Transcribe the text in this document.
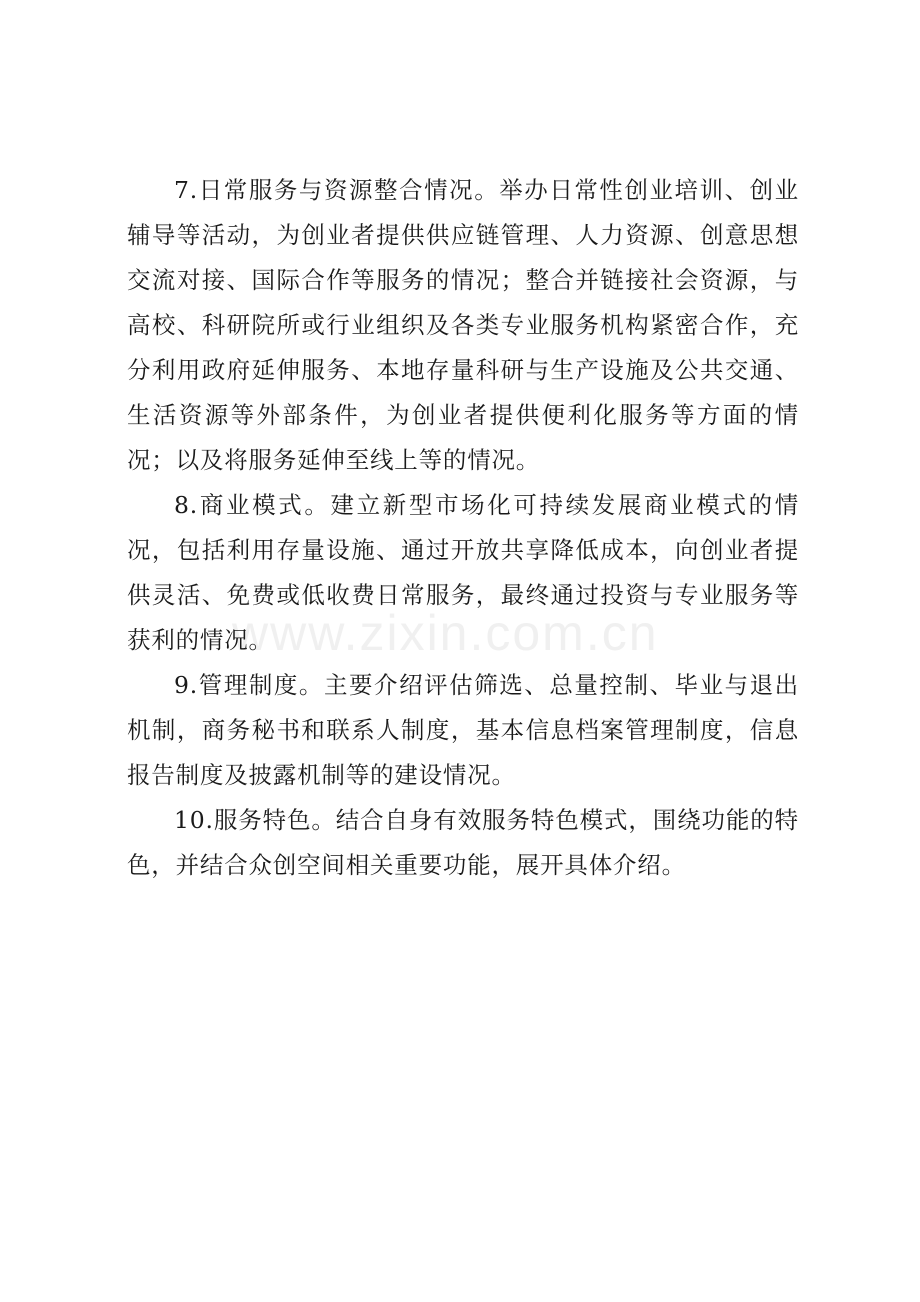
www.zixin.com.cn

7.日常服务与资源整合情况。举办日常性创业培训、创业辅导等活动，为创业者提供供应链管理、人力资源、创意思想交流对接、国际合作等服务的情况；整合并链接社会资源，与高校、科研院所或行业组织及各类专业服务机构紧密合作，充分利用政府延伸服务、本地存量科研与生产设施及公共交通、生活资源等外部条件，为创业者提供便利化服务等方面的情况；以及将服务延伸至线上等的情况。

8.商业模式。建立新型市场化可持续发展商业模式的情况，包括利用存量设施、通过开放共享降低成本，向创业者提供灵活、免费或低收费日常服务，最终通过投资与专业服务等获利的情况。

9.管理制度。主要介绍评估筛选、总量控制、毕业与退出机制，商务秘书和联系人制度，基本信息档案管理制度，信息报告制度及披露机制等的建设情况。

10.服务特色。结合自身有效服务特色模式，围绕功能的特色，并结合众创空间相关重要功能，展开具体介绍。
